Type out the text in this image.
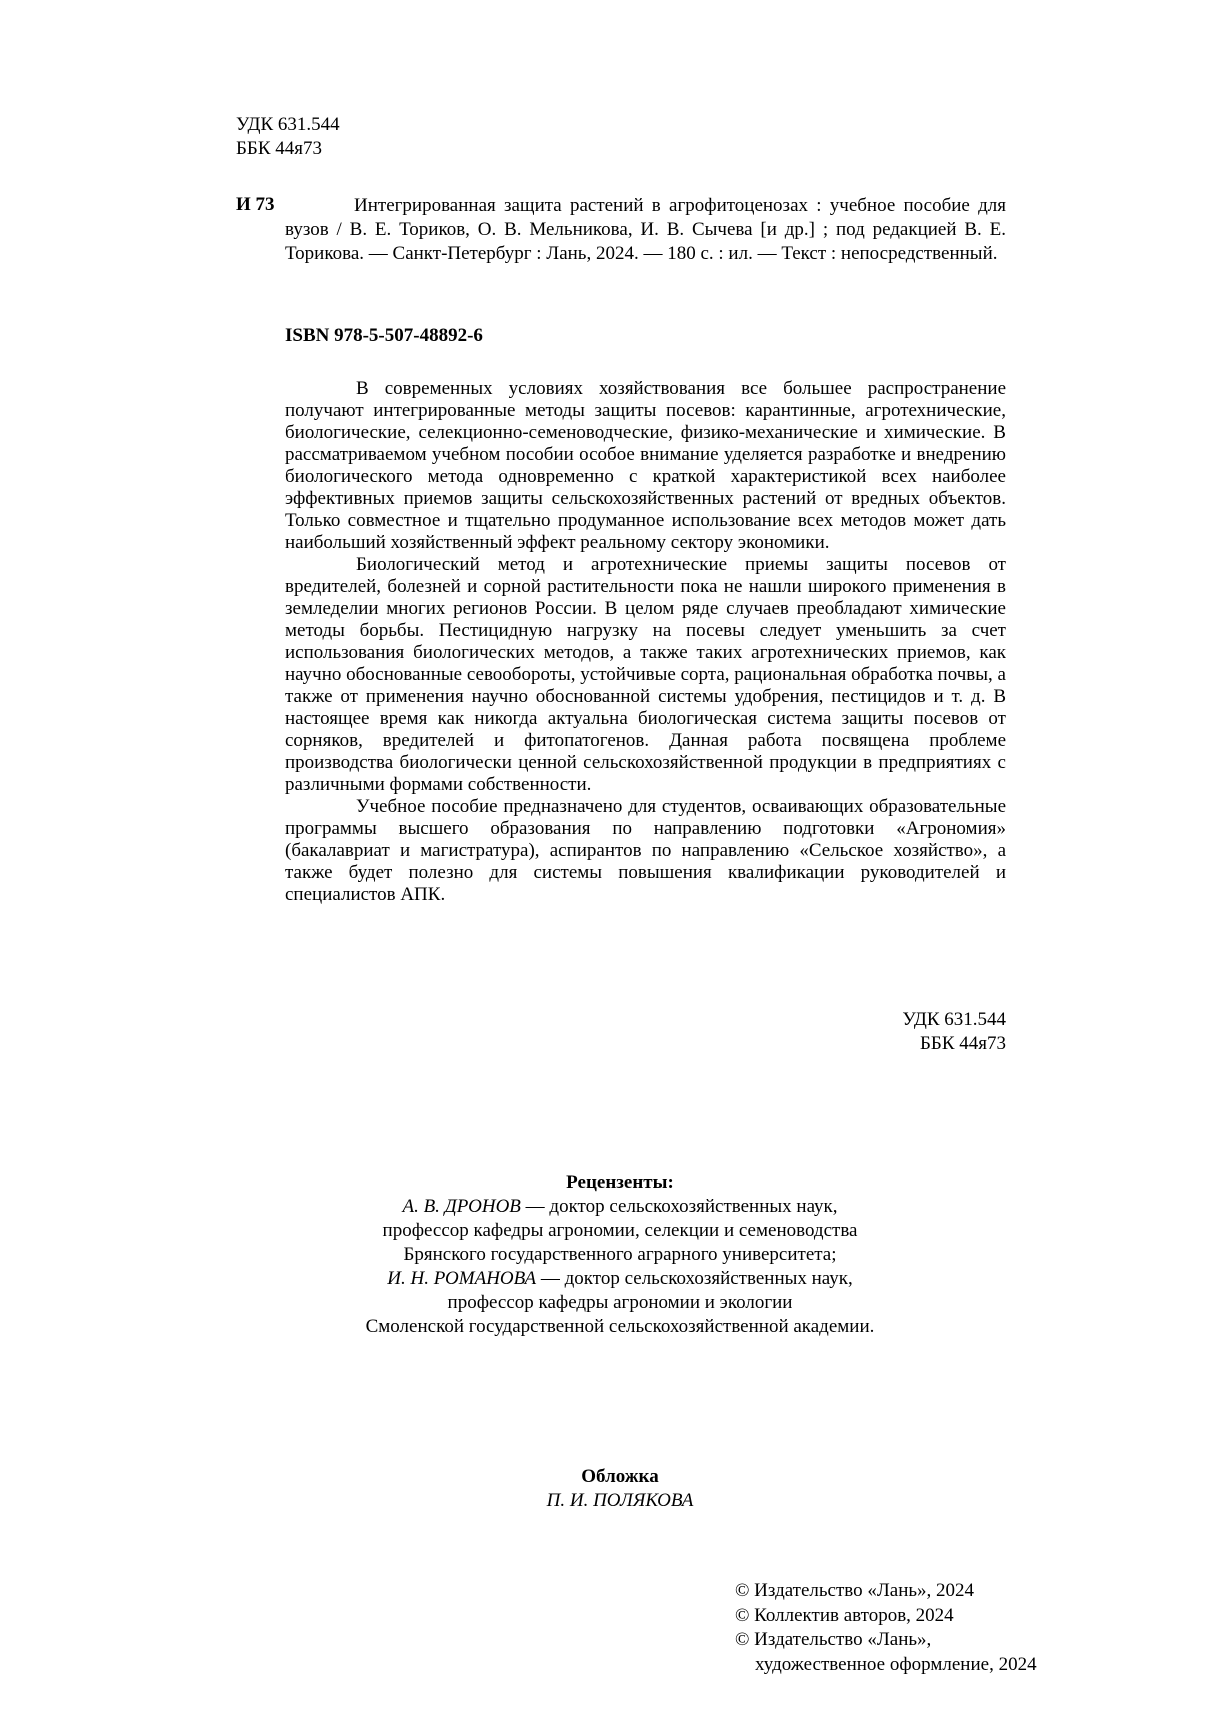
УДК 631.544
ББК 44я73
И 73	Интегрированная защита растений в агрофитоценозах : учебное пособие для вузов / В. Е. Ториков, О. В. Мельникова, И. В. Сычева [и др.] ; под редакцией В. Е. Торикова. — Санкт-Петербург : Лань, 2024. — 180 с. : ил. — Текст : непосредственный.
ISBN 978-5-507-48892-6

В современных условиях хозяйствования все большее распространение получают интегрированные методы защиты посевов: карантинные, агротехнические, биологические, селекционно-семеноводческие, физико-механические и химические. В рассматриваемом учебном пособии особое внимание уделяется разработке и внедрению биологического метода одновременно с краткой характеристикой всех наиболее эффективных приемов защиты сельскохозяйственных растений от вредных объектов. Только совместное и тщательно продуманное использование всех методов может дать наибольший хозяйственный эффект реальному сектору экономики.

Биологический метод и агротехнические приемы защиты посевов от вредителей, болезней и сорной растительности пока не нашли широкого применения в земледелии многих регионов России. В целом ряде случаев преобладают химические методы борьбы. Пестицидную нагрузку на посевы следует уменьшить за счет использования биологических методов, а также таких агротехнических приемов, как научно обоснованные севообороты, устойчивые сорта, рациональная обработка почвы, а также от применения научно обоснованной системы удобрения, пестицидов и т. д. В настоящее время как никогда актуальна биологическая система защиты посевов от сорняков, вредителей и фитопатогенов. Данная работа посвящена проблеме производства биологически ценной сельскохозяйственной продукции в предприятиях с различными формами собственности.

Учебное пособие предназначено для студентов, осваивающих образовательные программы высшего образования по направлению подготовки «Агрономия» (бакалавриат и магистратура), аспирантов по направлению «Сельское хозяйство», а также будет полезно для системы повышения квалификации руководителей и специалистов АПК.

УДК 631.544
ББК 44я73
Рецензенты:
А. В. ДРОНОВ — доктор сельскохозяйственных наук,
профессор кафедры агрономии, селекции и семеноводства
Брянского государственного аграрного университета;
И. Н. РОМАНОВА — доктор сельскохозяйственных наук,
профессор кафедры агрономии и экологии
Смоленской государственной сельскохозяйственной академии.
Обложка
П. И. ПОЛЯКОВА
© Издательство «Лань», 2024
© Коллектив авторов, 2024
© Издательство «Лань»,
художественное оформление, 2024
